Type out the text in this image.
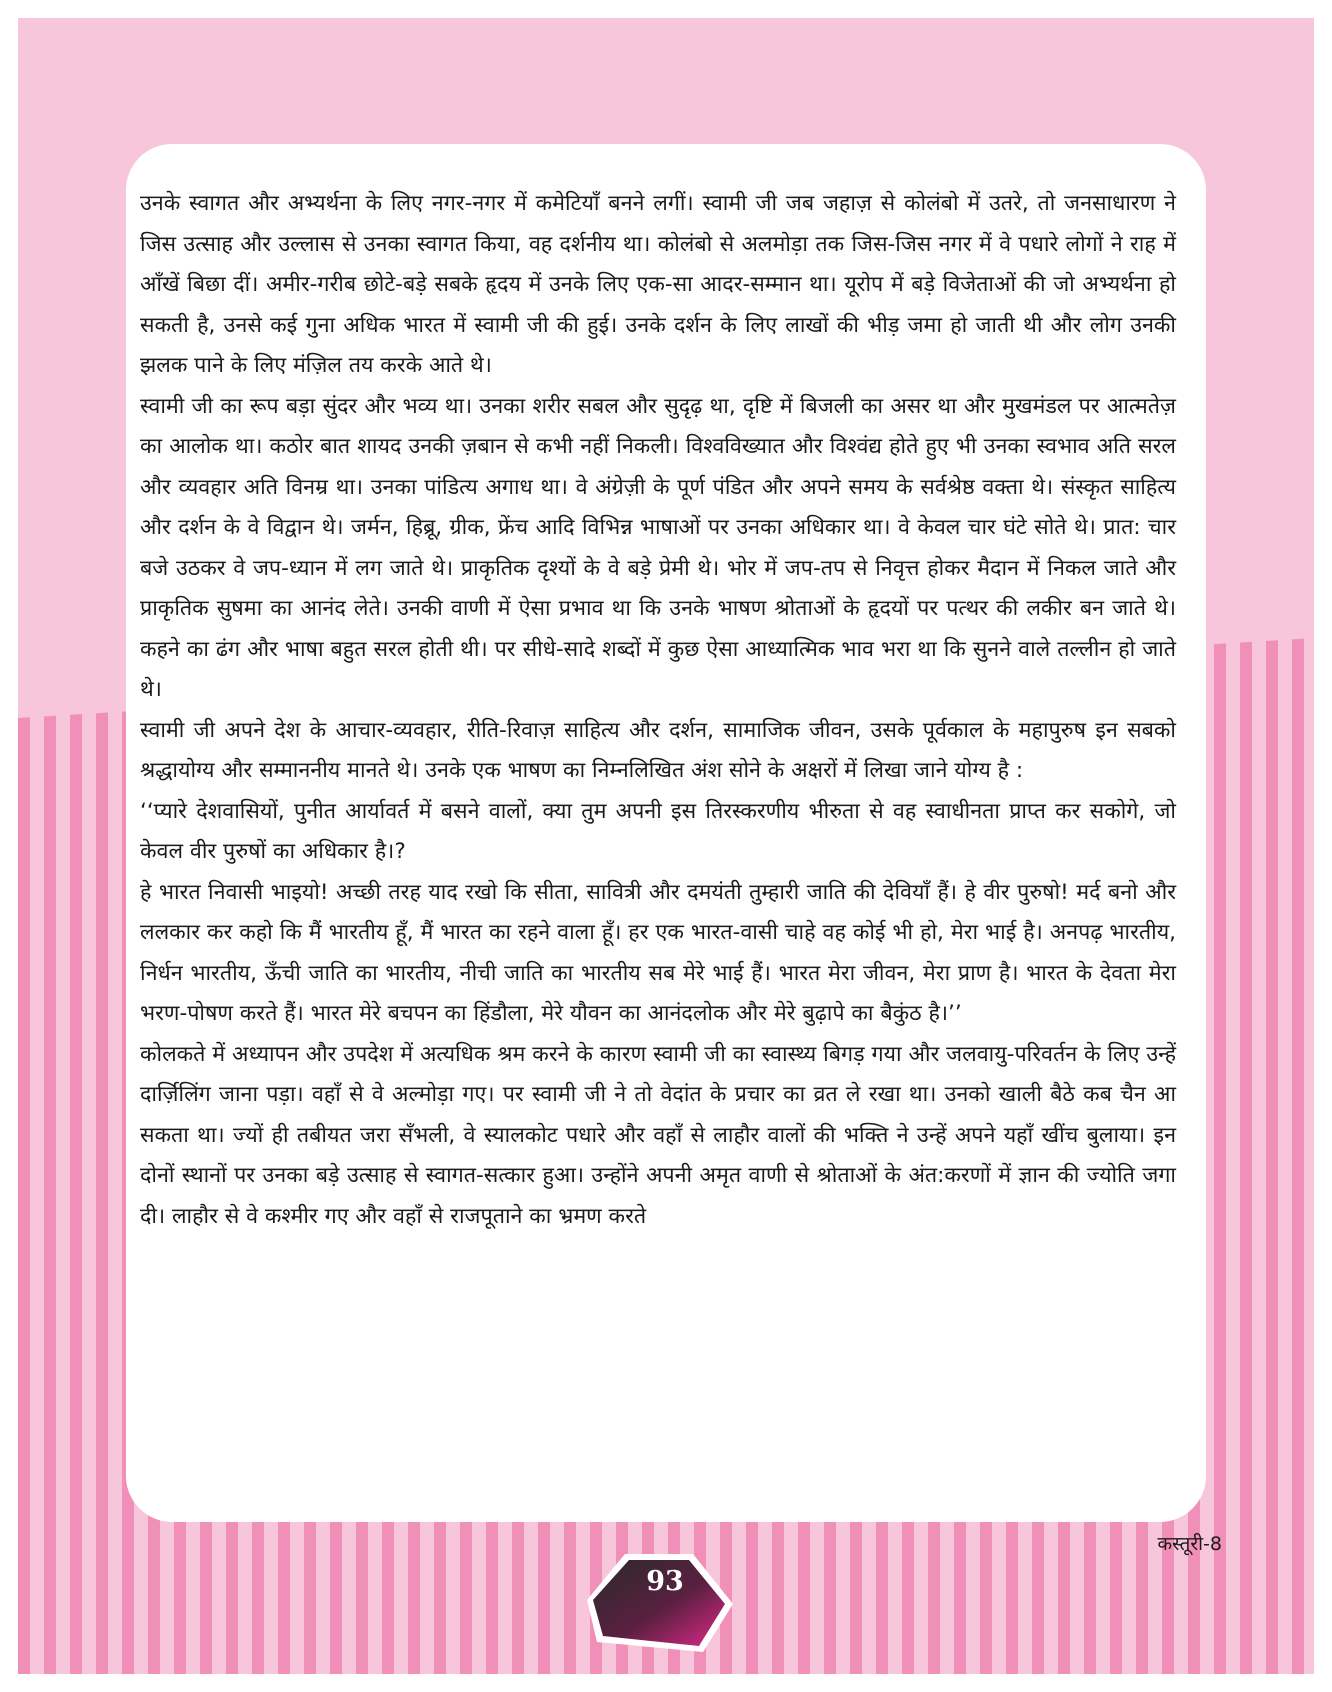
उनके स्वागत और अभ्यर्थना के लिए नगर-नगर में कमेटियाँ बनने लगीं। स्वामी जी जब जहाज़ से कोलंबो में उतरे, तो जनसाधारण ने जिस उत्साह और उल्लास से उनका स्वागत किया, वह दर्शनीय था। कोलंबो से अलमोड़ा तक जिस-जिस नगर में वे पधारे लोगों ने राह में आँखें बिछा दीं। अमीर-गरीब छोटे-बड़े सबके हृदय में उनके लिए एक-सा आदर-सम्मान था। यूरोप में बड़े विजेताओं की जो अभ्यर्थना हो सकती है, उनसे कई गुना अधिक भारत में स्वामी जी की हुई। उनके दर्शन के लिए लाखों की भीड़ जमा हो जाती थी और लोग उनकी झलक पाने के लिए मंज़िल तय करके आते थे।

स्वामी जी का रूप बड़ा सुंदर और भव्य था। उनका शरीर सबल और सुदृढ़ था, दृष्टि में बिजली का असर था और मुखमंडल पर आत्मतेज़ का आलोक था। कठोर बात शायद उनकी ज़बान से कभी नहीं निकली। विश्वविख्यात और विश्वंद्य होते हुए भी उनका स्वभाव अति सरल और व्यवहार अति विनम्र था। उनका पांडित्य अगाध था। वे अंग्रेज़ी के पूर्ण पंडित और अपने समय के सर्वश्रेष्ठ वक्ता थे। संस्कृत साहित्य और दर्शन के वे विद्वान थे। जर्मन, हिब्रू, ग्रीक, फ्रेंच आदि विभिन्न भाषाओं पर उनका अधिकार था। वे केवल चार घंटे सोते थे। प्रात: चार बजे उठकर वे जप-ध्यान में लग जाते थे। प्राकृतिक दृश्यों के वे बड़े प्रेमी थे। भोर में जप-तप से निवृत्त होकर मैदान में निकल जाते और प्राकृतिक सुषमा का आनंद लेते। उनकी वाणी में ऐसा प्रभाव था कि उनके भाषण श्रोताओं के हृदयों पर पत्थर की लकीर बन जाते थे। कहने का ढंग और भाषा बहुत सरल होती थी। पर सीधे-सादे शब्दों में कुछ ऐसा आध्यात्मिक भाव भरा था कि सुनने वाले तल्लीन हो जाते थे।

स्वामी जी अपने देश के आचार-व्यवहार, रीति-रिवाज़ साहित्य और दर्शन, सामाजिक जीवन, उसके पूर्वकाल के महापुरुष इन सबको श्रद्धायोग्य और सम्माननीय मानते थे। उनके एक भाषण का निम्नलिखित अंश सोने के अक्षरों में लिखा जाने योग्य है :

‘‘प्यारे देशवासियों, पुनीत आर्यावर्त में बसने वालों, क्या तुम अपनी इस तिरस्करणीय भीरुता से वह स्वाधीनता प्राप्त कर सकोगे, जो केवल वीर पुरुषों का अधिकार है।?

हे भारत निवासी भाइयो! अच्छी तरह याद रखो कि सीता, सावित्री और दमयंती तुम्हारी जाति की देवियाँ हैं। हे वीर पुरुषो! मर्द बनो और ललकार कर कहो कि मैं भारतीय हूँ, मैं भारत का रहने वाला हूँ। हर एक भारत-वासी चाहे वह कोई भी हो, मेरा भाई है। अनपढ़ भारतीय, निर्धन भारतीय, ऊँची जाति का भारतीय, नीची जाति का भारतीय सब मेरे भाई हैं। भारत मेरा जीवन, मेरा प्राण है। भारत के देवता मेरा भरण-पोषण करते हैं। भारत मेरे बचपन का हिंडौला, मेरे यौवन का आनंदलोक और मेरे बुढ़ापे का बैकुंठ है।’’

कोलकते में अध्यापन और उपदेश में अत्यधिक श्रम करने के कारण स्वामी जी का स्वास्थ्य बिगड़ गया और जलवायु-परिवर्तन के लिए उन्हें दार्ज़िलिंग जाना पड़ा। वहाँ से वे अल्मोड़ा गए। पर स्वामी जी ने तो वेदांत के प्रचार का व्रत ले रखा था। उनको खाली बैठे कब चैन आ सकता था। ज्यों ही तबीयत जरा सँभली, वे स्यालकोट पधारे और वहाँ से लाहौर वालों की भक्ति ने उन्हें अपने यहाँ खींच बुलाया। इन दोनों स्थानों पर उनका बड़े उत्साह से स्वागत-सत्कार हुआ। उन्होंने अपनी अमृत वाणी से श्रोताओं के अंत:करणों में ज्ञान की ज्योति जगा दी। लाहौर से वे कश्मीर गए और वहाँ से राजपूताने का भ्रमण करते

कस्तूरी-8
93
